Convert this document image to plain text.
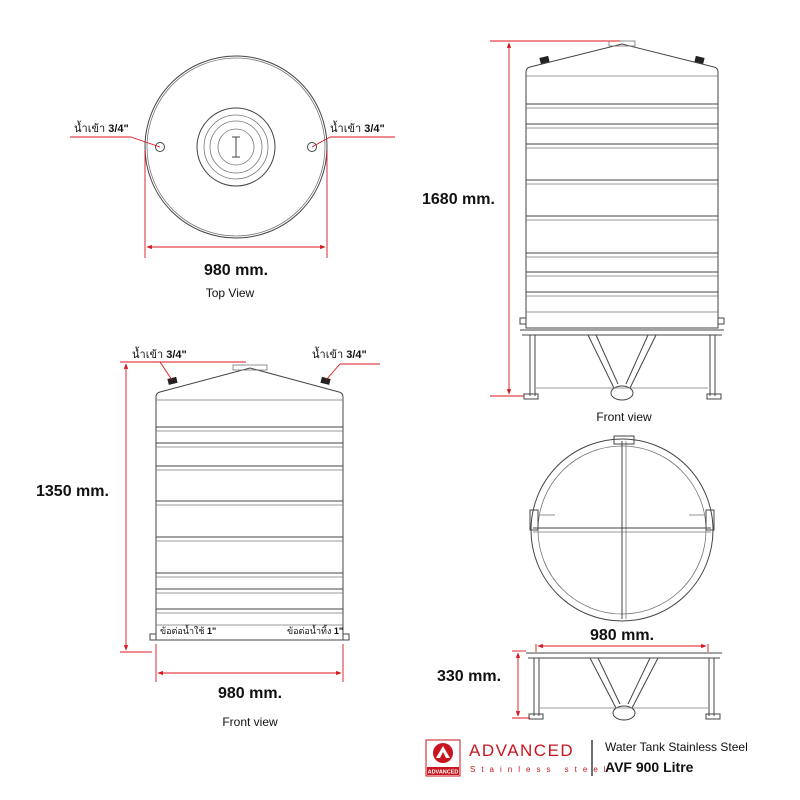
น้ำเข้า 3/4"	น้ำเข้า 3/4"
980 mm.
Top View
น้ำเข้า 3/4"	น้ำเข้า 3/4"
1350 mm.
ข้อต่อน้ำใช้ 1"	ข้อต่อน้ำทิ้ง 1"
980 mm.
Front view
1680 mm.
Front view
980 mm.
330 mm.
ADVANCED
ADVANCED
Stainless steel
Water Tank Stainless Steel
AVF 900 Litre
